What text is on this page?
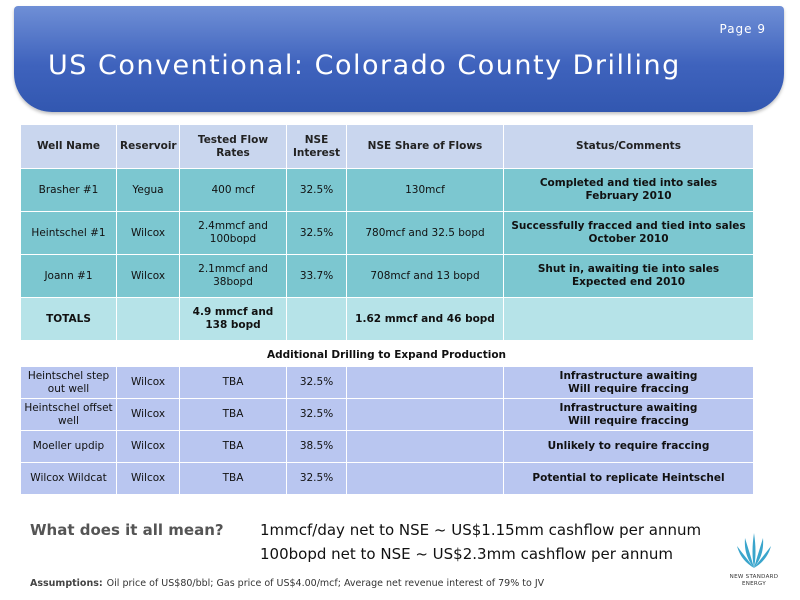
Page 9
US Conventional: Colorado County Drilling
Well Name	Reservoir	Tested Flow Rates	NSE Interest	NSE Share of Flows	Status/Comments
Brasher #1	Yegua	400 mcf	32.5%	130mcf	Completed and tied into sales
February 2010
Heintschel #1	Wilcox	2.4mmcf and 100bopd	32.5%	780mcf and 32.5 bopd	Successfully fracced and tied into sales
October 2010
Joann #1	Wilcox	2.1mmcf and 38bopd	33.7%	708mcf and 13 bopd	Shut in, awaiting tie into sales
Expected end 2010
TOTALS		4.9 mmcf and 138 bopd		1.62 mmcf and 46 bopd	
Additional Drilling to Expand Production
Heintschel step out well	Wilcox	TBA	32.5%		Infrastructure awaiting
Will require fraccing
Heintschel offset well	Wilcox	TBA	32.5%		Infrastructure awaiting
Will require fraccing
Moeller updip	Wilcox	TBA	38.5%		Unlikely to require fraccing
Wilcox Wildcat	Wilcox	TBA	32.5%		Potential to replicate Heintschel
What does it all mean? 1mmcf/day net to NSE ~ US$1.15mm cashflow per annum
100bopd net to NSE ~ US$2.3mm cashflow per annum
Assumptions: Oil price of US$80/bbl; Gas price of US$4.00/mcf; Average net revenue interest of 79% to JV
NEW STANDARD
ENERGY
